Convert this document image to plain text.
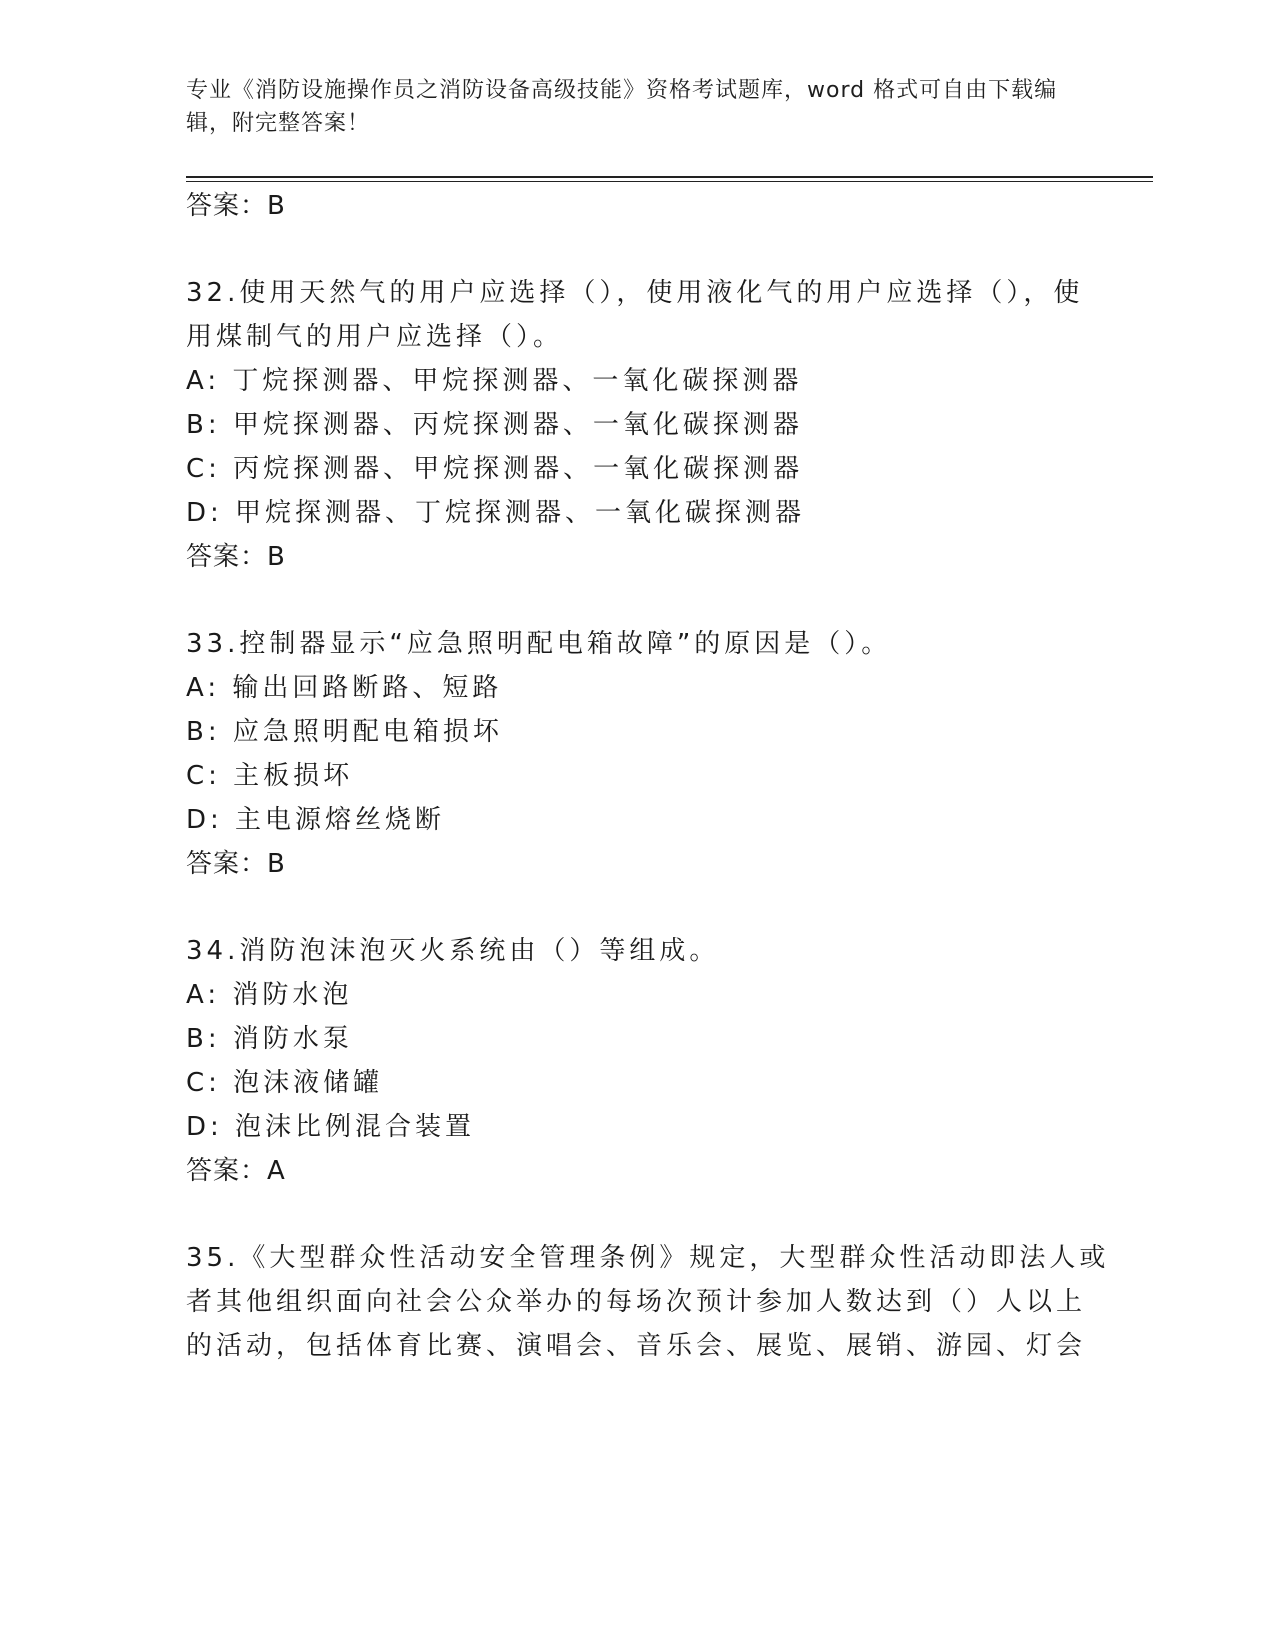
专业《消防设施操作员之消防设备高级技能》资格考试题库，word 格式可自由下载编辑，附完整答案！
答案：B
32.使用天然气的用户应选择（），使用液化气的用户应选择（），使
用煤制气的用户应选择（）。
A: 丁烷探测器、甲烷探测器、一氧化碳探测器
B: 甲烷探测器、丙烷探测器、一氧化碳探测器
C: 丙烷探测器、甲烷探测器、一氧化碳探测器
D: 甲烷探测器、丁烷探测器、一氧化碳探测器
答案：B
33.控制器显示“应急照明配电箱故障”的原因是（）。
A: 输出回路断路、短路
B: 应急照明配电箱损坏
C: 主板损坏
D: 主电源熔丝烧断
答案：B
34.消防泡沫泡灭火系统由（）等组成。
A: 消防水泡
B: 消防水泵
C: 泡沫液储罐
D: 泡沫比例混合装置
答案：A
35.《大型群众性活动安全管理条例》规定，大型群众性活动即法人或
者其他组织面向社会公众举办的每场次预计参加人数达到（）人以上
的活动，包括体育比赛、演唱会、音乐会、展览、展销、游园、灯会
